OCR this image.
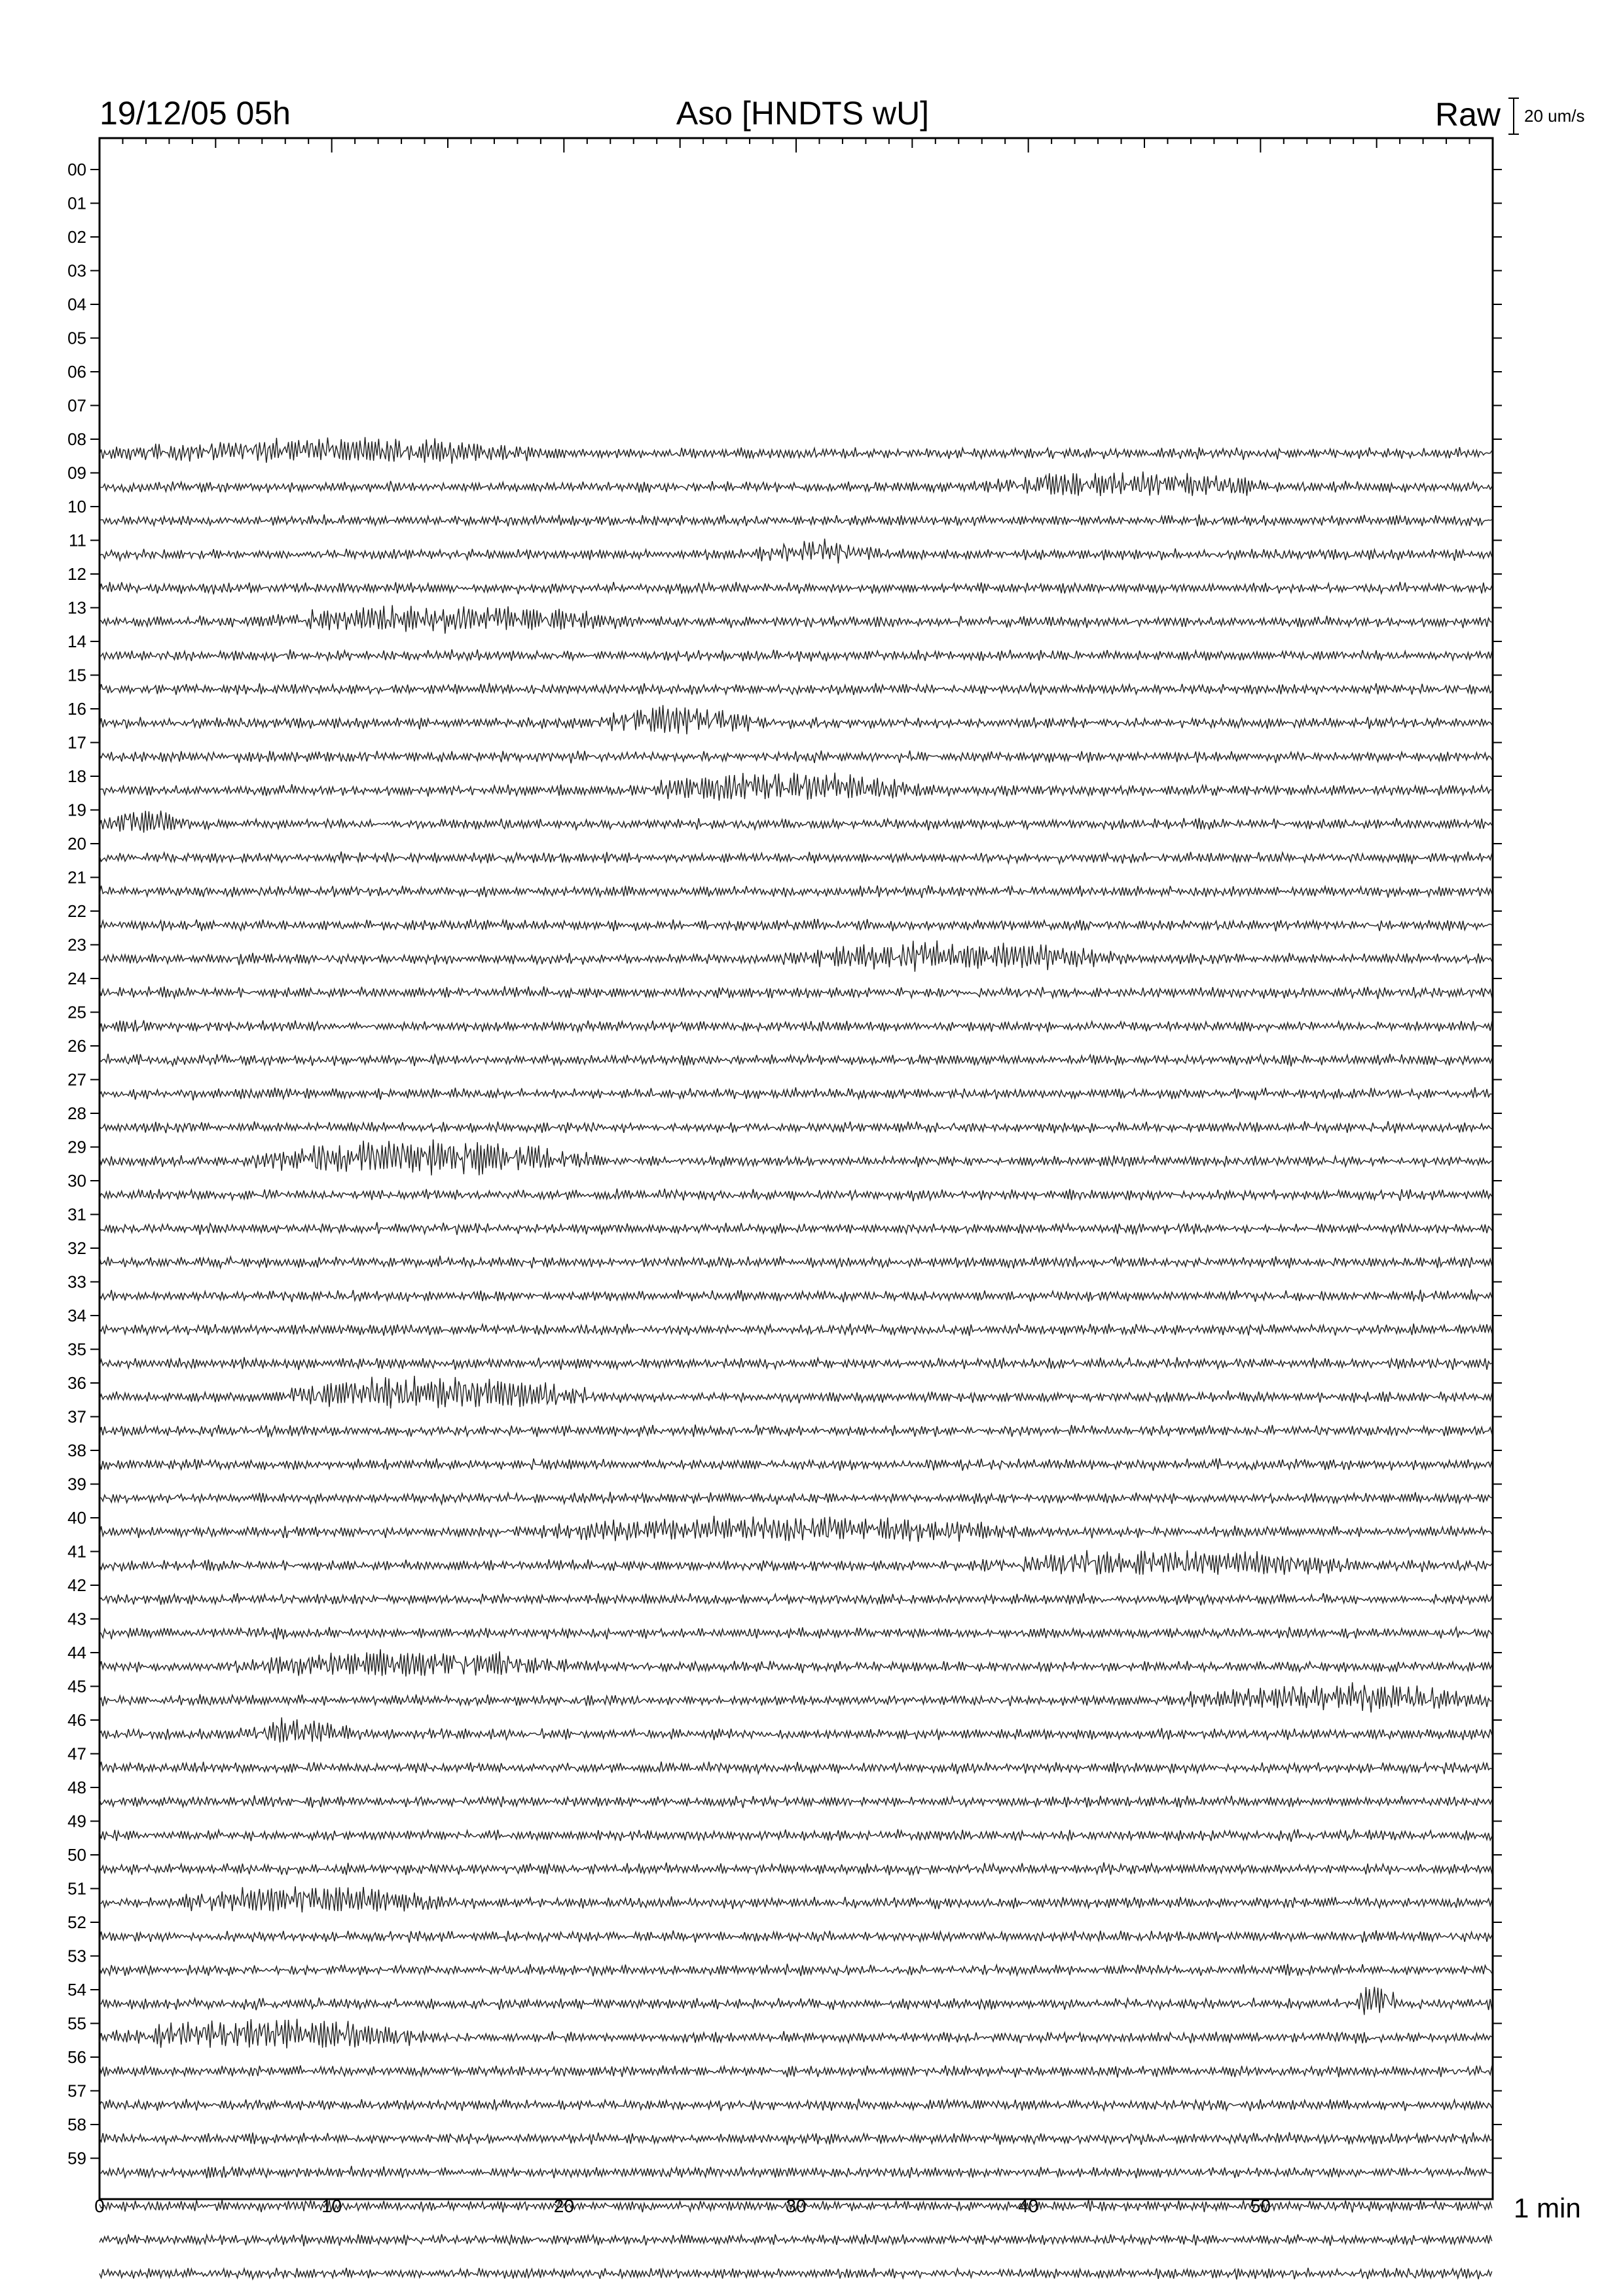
19/12/05 05h	Aso [HNDTS wU]	Raw 20 um/s
00
01
02
03
04
05
06
07
08
09
10
11
12
13
14
15
16
17
18
19
20
21
22
23
24
25
26
27
28
29
30
31
32
33
34
35
36
37
38
39
40
41
42
43
44
45
46
47
48
49
50
51
52
53
54
55
56
57
58
59
0	10	20	30	40	50	1 min
